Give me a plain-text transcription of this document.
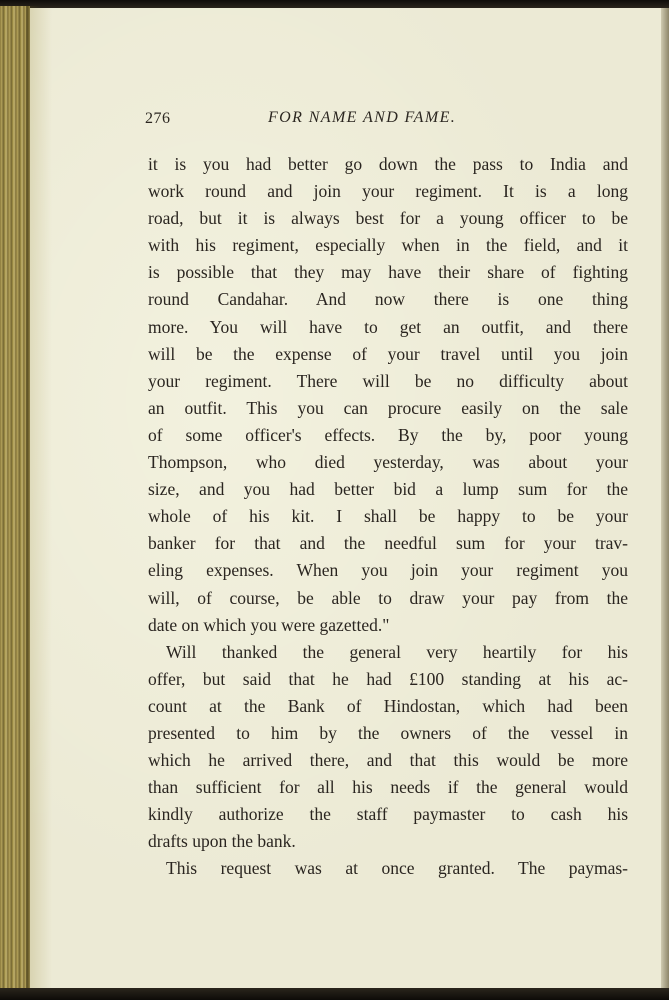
276	FOR NAME AND FAME.
it is you had better go down the pass to India and
work round and join your regiment. It is a long
road, but it is always best for a young officer to be
with his regiment, especially when in the field, and it
is possible that they may have their share of fighting
round Candahar. And now there is one thing
more. You will have to get an outfit, and there
will be the expense of your travel until you join
your regiment. There will be no difficulty about
an outfit. This you can procure easily on the sale
of some officer's effects. By the by, poor young
Thompson, who died yesterday, was about your
size, and you had better bid a lump sum for the
whole of his kit. I shall be happy to be your
banker for that and the needful sum for your trav-
eling expenses. When you join your regiment you
will, of course, be able to draw your pay from the
date on which you were gazetted."
Will thanked the general very heartily for his
offer, but said that he had £100 standing at his ac-
count at the Bank of Hindostan, which had been
presented to him by the owners of the vessel in
which he arrived there, and that this would be more
than sufficient for all his needs if the general would
kindly authorize the staff paymaster to cash his
drafts upon the bank.
This request was at once granted. The paymas-
